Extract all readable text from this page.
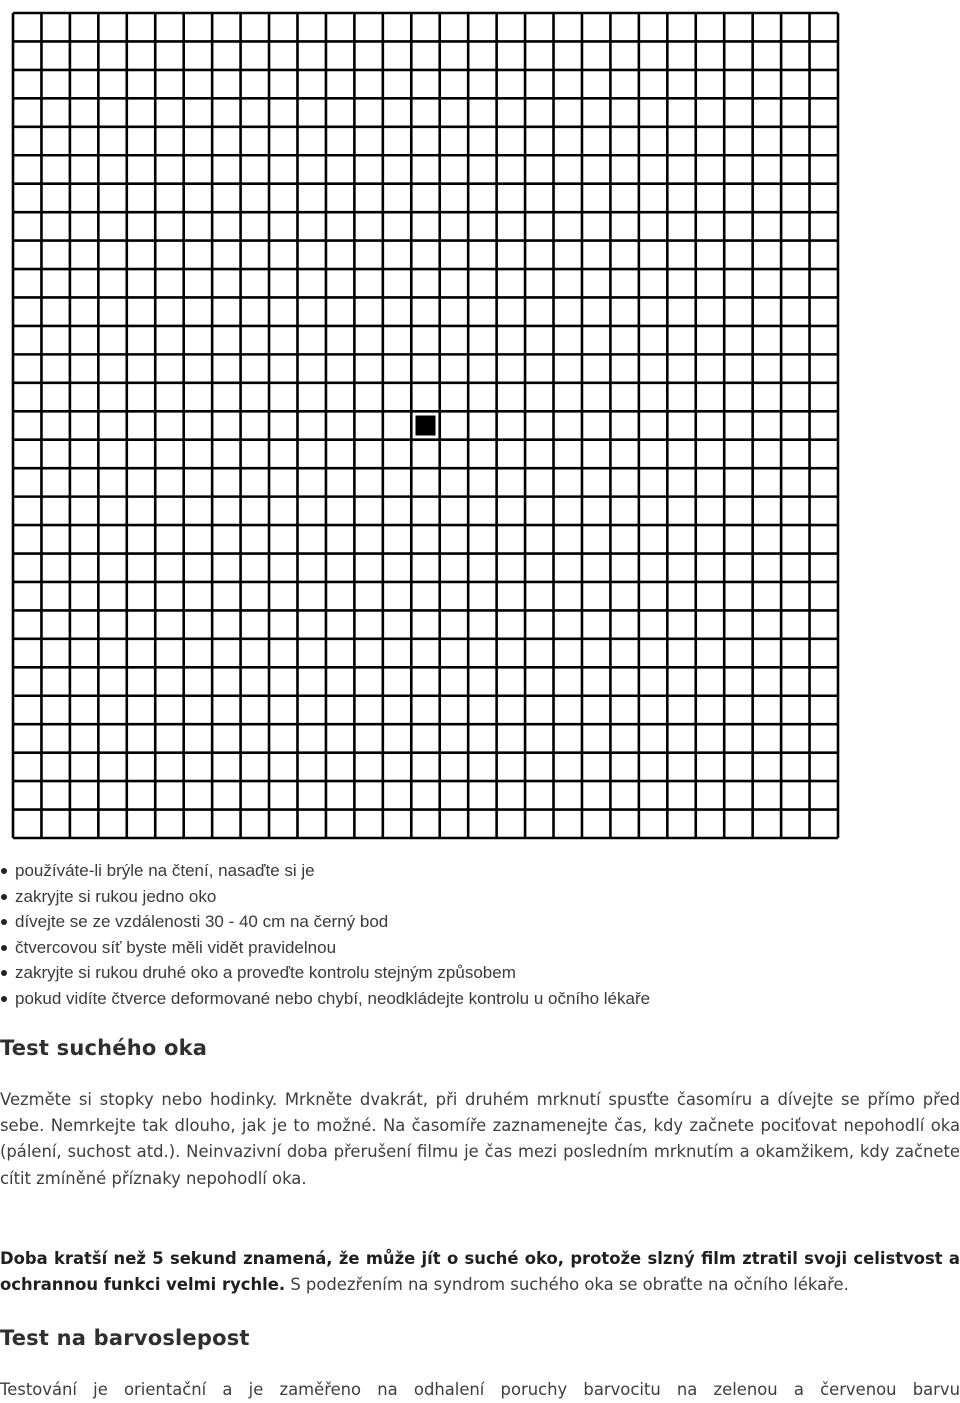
používáte-li brýle na čtení, nasaďte si je
zakryjte si rukou jedno oko
dívejte se ze vzdálenosti 30 - 40 cm na černý bod
čtvercovou síť byste měli vidět pravidelnou
zakryjte si rukou druhé oko a proveďte kontrolu stejným způsobem
pokud vidíte čtverce deformované nebo chybí, neodkládejte kontrolu u očního lékaře
Test suchého oka

Vezměte si stopky nebo hodinky. Mrkněte dvakrát, při druhém mrknutí spusťte časomíru a dívejte se přímo před sebe. Nemrkejte tak dlouho, jak je to možné. Na časomíře zaznamenejte čas, kdy začnete pociťovat nepohodlí oka (pálení, suchost atd.). Neinvazivní doba přerušení filmu je čas mezi posledním mrknutím a okamžikem, kdy začnete cítit zmíněné příznaky nepohodlí oka.

Doba kratší než 5 sekund znamená, že může jít o suché oko, protože slzný film ztratil svoji celistvost a ochrannou funkci velmi rychle. S podezřením na syndrom suchého oka se obraťte na očního lékaře.

Test na barvoslepost

Testování je orientační a je zaměřeno na odhalení poruchy barvocitu na zelenou a červenou barvu
